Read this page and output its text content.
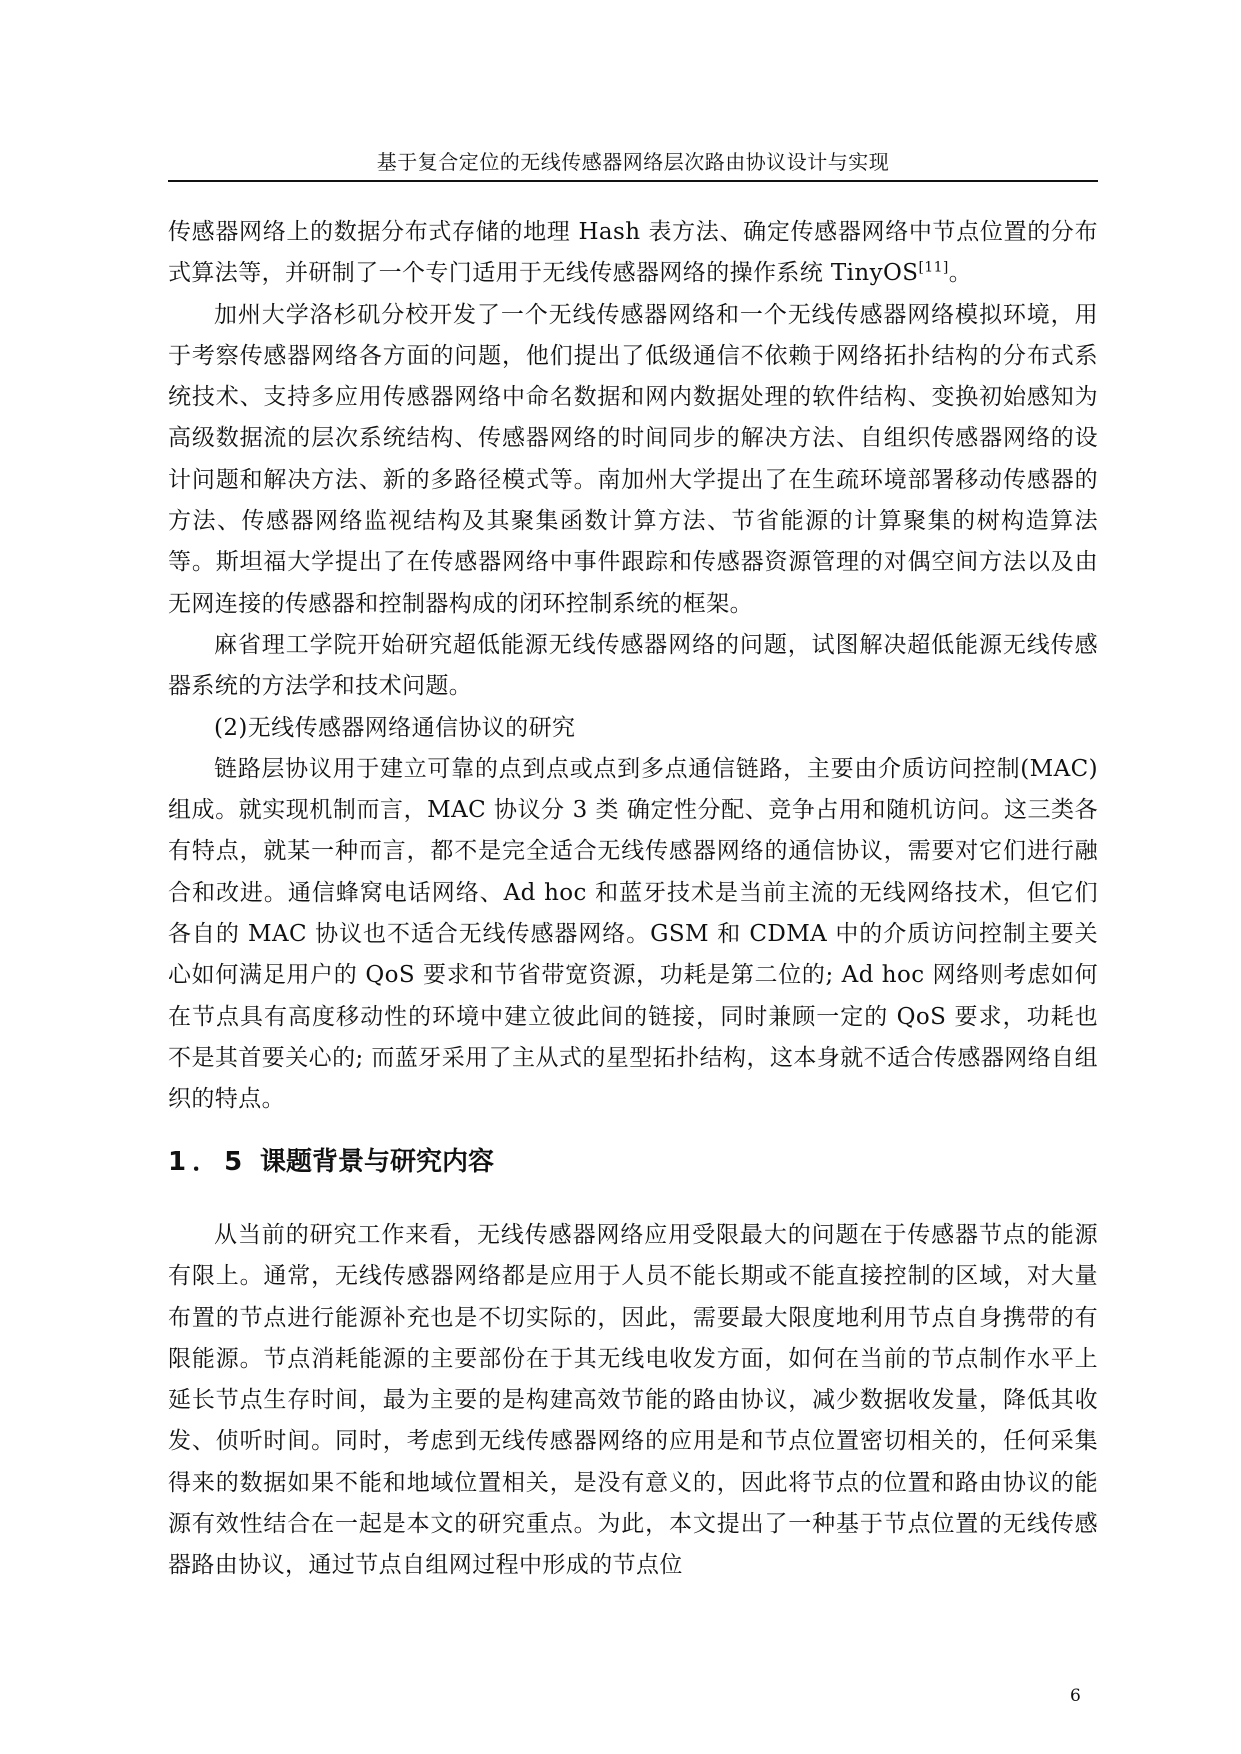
基于复合定位的无线传感器网络层次路由协议设计与实现

传感器网络上的数据分布式存储的地理 Hash 表方法、确定传感器网络中节点位置的分布式算法等，并研制了一个专门适用于无线传感器网络的操作系统 TinyOS[11]。

加州大学洛杉矶分校开发了一个无线传感器网络和一个无线传感器网络模拟环境，用于考察传感器网络各方面的问题，他们提出了低级通信不依赖于网络拓扑结构的分布式系统技术、支持多应用传感器网络中命名数据和网内数据处理的软件结构、变换初始感知为高级数据流的层次系统结构、传感器网络的时间同步的解决方法、自组织传感器网络的设计问题和解决方法、新的多路径模式等。南加州大学提出了在生疏环境部署移动传感器的方法、传感器网络监视结构及其聚集函数计算方法、节省能源的计算聚集的树构造算法等。斯坦福大学提出了在传感器网络中事件跟踪和传感器资源管理的对偶空间方法以及由无网连接的传感器和控制器构成的闭环控制系统的框架。

麻省理工学院开始研究超低能源无线传感器网络的问题，试图解决超低能源无线传感器系统的方法学和技术问题。

(2)无线传感器网络通信协议的研究

链路层协议用于建立可靠的点到点或点到多点通信链路，主要由介质访问控制(MAC)组成。就实现机制而言，MAC 协议分 3 类 确定性分配、竞争占用和随机访问。这三类各有特点，就某一种而言，都不是完全适合无线传感器网络的通信协议，需要对它们进行融合和改进。通信蜂窝电话网络、Ad hoc 和蓝牙技术是当前主流的无线网络技术，但它们各自的 MAC 协议也不适合无线传感器网络。GSM 和 CDMA 中的介质访问控制主要关心如何满足用户的 QoS 要求和节省带宽资源，功耗是第二位的; Ad hoc 网络则考虑如何在节点具有高度移动性的环境中建立彼此间的链接，同时兼顾一定的 QoS 要求，功耗也不是其首要关心的; 而蓝牙采用了主从式的星型拓扑结构，这本身就不适合传感器网络自组织的特点。

1．5 课题背景与研究内容

从当前的研究工作来看，无线传感器网络应用受限最大的问题在于传感器节点的能源有限上。通常，无线传感器网络都是应用于人员不能长期或不能直接控制的区域，对大量布置的节点进行能源补充也是不切实际的，因此，需要最大限度地利用节点自身携带的有限能源。节点消耗能源的主要部份在于其无线电收发方面，如何在当前的节点制作水平上延长节点生存时间，最为主要的是构建高效节能的路由协议，减少数据收发量，降低其收发、侦听时间。同时，考虑到无线传感器网络的应用是和节点位置密切相关的，任何采集得来的数据如果不能和地域位置相关，是没有意义的，因此将节点的位置和路由协议的能源有效性结合在一起是本文的研究重点。为此，本文提出了一种基于节点位置的无线传感器路由协议，通过节点自组网过程中形成的节点位

6
